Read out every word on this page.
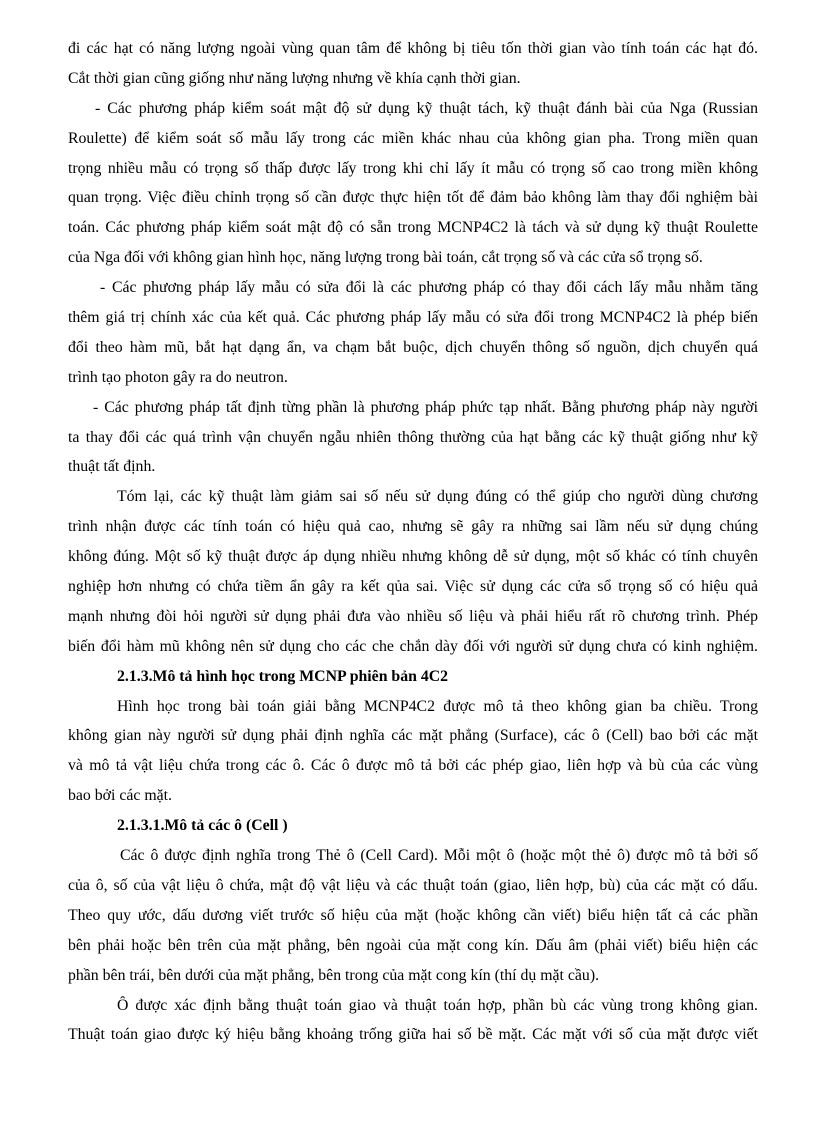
đi các hạt có năng lượng ngoài vùng quan tâm để không bị tiêu tốn thời gian vào tính toán các hạt đó.
Cắt thời gian cũng giống như năng lượng nhưng về khía cạnh thời gian.
- Các phương pháp kiểm soát mật độ sử dụng kỹ thuật tách, kỹ thuật đánh bài của Nga (Russian
Roulette) để kiểm soát số mẫu lấy trong các miền khác nhau của không gian pha. Trong miền quan
trọng nhiều mẫu có trọng số thấp được lấy trong khi chỉ lấy ít mẫu có trọng số cao trong miền không
quan trọng. Việc điều chỉnh trọng số cần được thực hiện tốt để đảm bảo không làm thay đổi nghiệm bài
toán. Các phương pháp kiểm soát mật độ có sẵn trong MCNP4C2 là tách và sử dụng kỹ thuật Roulette
của Nga đối với không gian hình học, năng lượng trong bài toán, cắt trọng số và các cửa sổ trọng số.
- Các phương pháp lấy mẫu có sửa đổi là các phương pháp có thay đổi cách lấy mẫu nhằm tăng
thêm giá trị chính xác của kết quả. Các phương pháp lấy mẫu có sửa đổi trong MCNP4C2 là phép biến
đổi theo hàm mũ, bắt hạt dạng ẩn, va chạm bắt buộc, dịch chuyển thông số nguồn, dịch chuyển quá
trình tạo photon gây ra do neutron.
- Các phương pháp tất định từng phần là phương pháp phức tạp nhất. Bằng phương pháp này người
ta thay đổi các quá trình vận chuyển ngẫu nhiên thông thường của hạt bằng các kỹ thuật giống như kỹ
thuật tất định.
Tóm lại, các kỹ thuật làm giảm sai số nếu sử dụng đúng có thể giúp cho người dùng chương
trình nhận được các tính toán có hiệu quả cao, nhưng sẽ gây ra những sai lầm nếu sử dụng chúng
không đúng. Một số kỹ thuật được áp dụng nhiều nhưng không dễ sử dụng, một số khác có tính chuyên
nghiệp hơn nhưng có chứa tiềm ẩn gây ra kết qủa sai. Việc sử dụng các cửa sổ trọng số có hiệu quả
mạnh nhưng đòi hỏi người sử dụng phải đưa vào nhiều số liệu và phải hiểu rất rõ chương trình. Phép
biến đổi hàm mũ không nên sử dụng cho các che chắn dày đối với người sử dụng chưa có kinh nghiệm.
2.1.3.Mô tả hình học trong MCNP phiên bản 4C2
Hình học trong bài toán giải bằng MCNP4C2 được mô tả theo không gian ba chiều. Trong
không gian này người sử dụng phải định nghĩa các mặt phẳng (Surface), các ô (Cell) bao bởi các mặt
và mô tả vật liệu chứa trong các ô. Các ô được mô tả bởi các phép giao, liên hợp và bù của các vùng
bao bởi các mặt.
2.1.3.1.Mô tả các ô (Cell )
Các ô được định nghĩa trong Thẻ ô (Cell Card). Mỗi một ô (hoặc một thẻ ô) được mô tả bởi số
của ô, số của vật liệu ô chứa, mật độ vật liệu và các thuật toán (giao, liên hợp, bù) của các mặt có dấu.
Theo quy ước, dấu dương viết trước số hiệu của mặt (hoặc không cần viết) biểu hiện tất cả các phần
bên phải hoặc bên trên của mặt phẳng, bên ngoài của mặt cong kín. Dấu âm (phải viết) biểu hiện các
phần bên trái, bên dưới của mặt phẳng, bên trong của mặt cong kín (thí dụ mặt cầu).
Ô được xác định bằng thuật toán giao và thuật toán hợp, phần bù các vùng trong không gian.
Thuật toán giao được ký hiệu bằng khoảng trống giữa hai số bề mặt. Các mặt với số của mặt được viết
